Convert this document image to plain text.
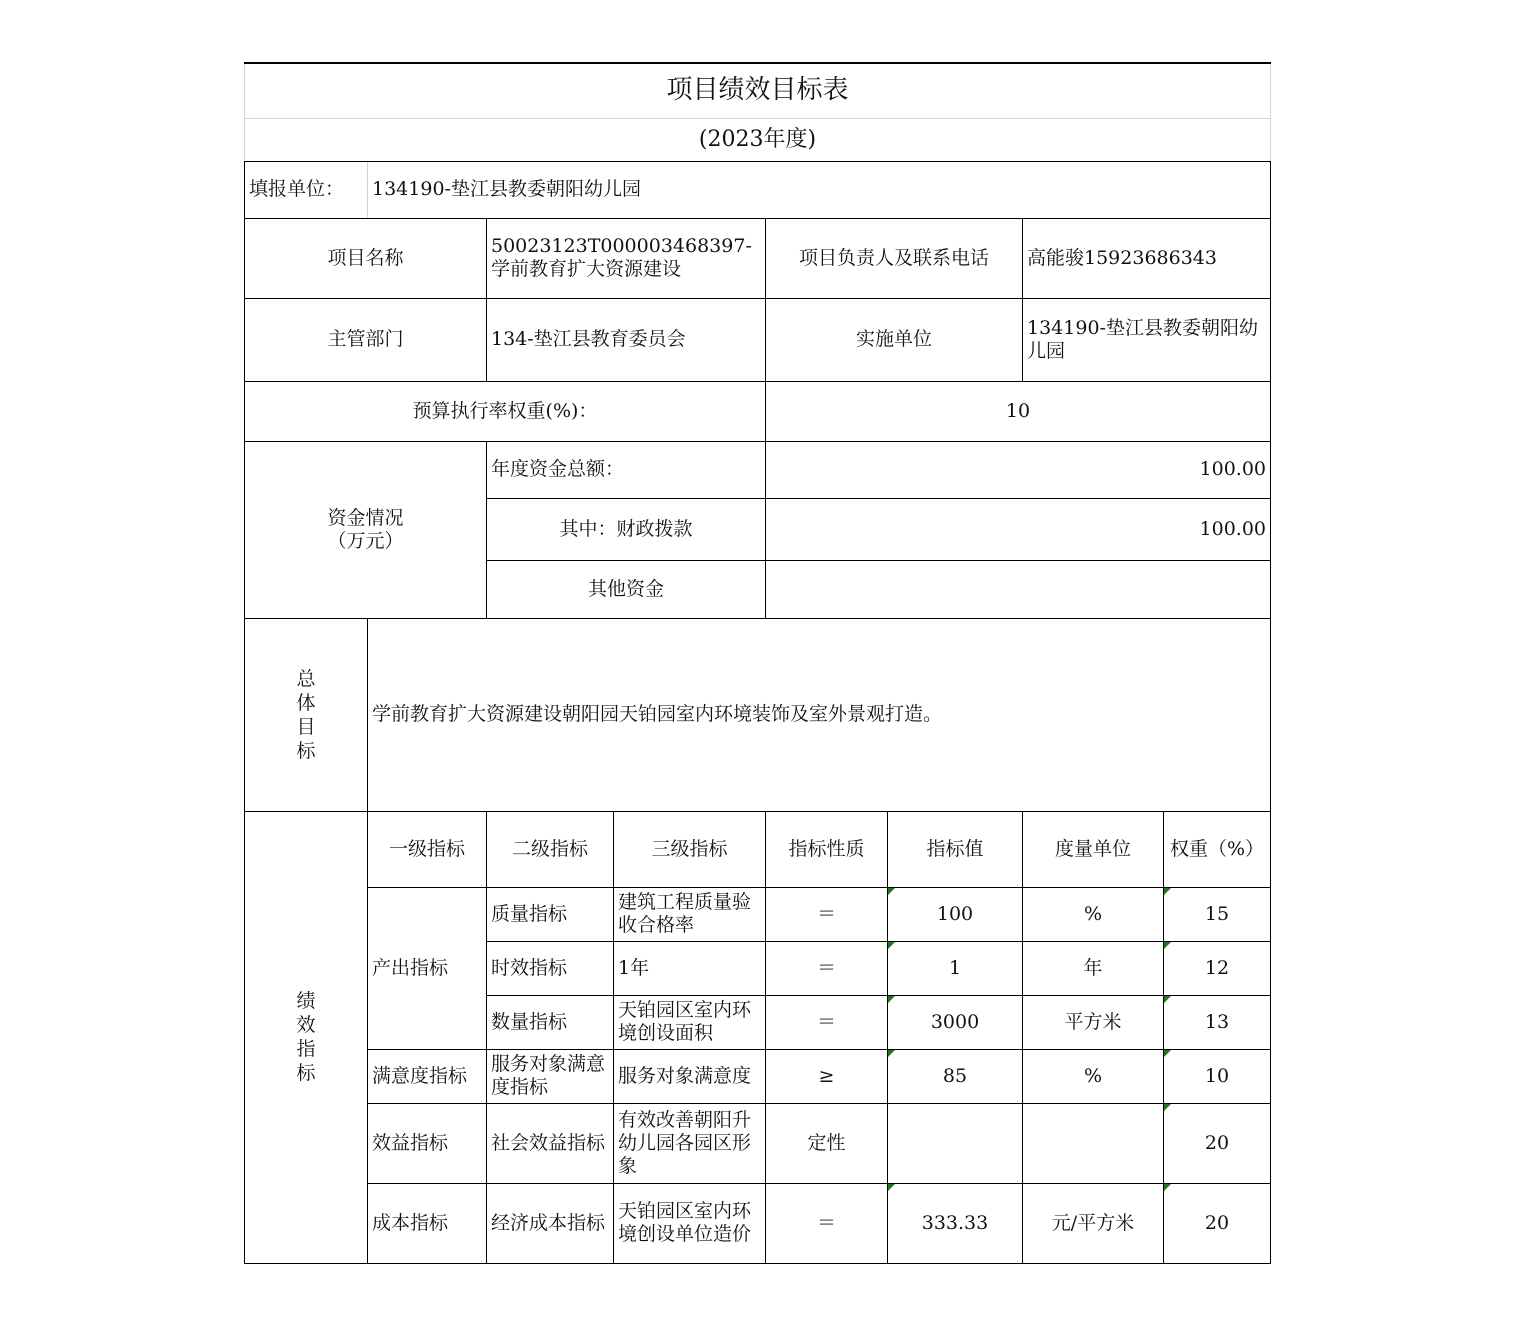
项目绩效目标表							
(2023年度)							
填报单位：	134190-垫江县教委朝阳幼儿园						
项目名称		50023123T000003468397-学前教育扩大资源建设		项目负责人及联系电话		高能骏15923686343	
主管部门		134-垫江县教育委员会		实施单位		134190-垫江县教委朝阳幼儿园	
预算执行率权重(%)：				10			

资金情况
（万元）		年度资金总额：		100.00			
		其中：财政拨款		100.00			
		其他资金					

总
体
目
标	学前教育扩大资源建设朝阳园天铂园室内环境装饰及室外景观打造。						

绩
效
指
标	一级指标	二级指标	三级指标	指标性质	指标值	度量单位	权重（%）
	产出指标	质量指标	建筑工程质量验收合格率	＝	100	%	15
		时效指标	1年	＝	1	年	12
		数量指标	天铂园区室内环境创设面积	＝	3000	平方米	13
	满意度指标	服务对象满意度指标	服务对象满意度	≥	85	%	10
	效益指标	社会效益指标	有效改善朝阳升幼儿园各园区形象	定性			20
	成本指标	经济成本指标	天铂园区室内环境创设单位造价	＝	333.33	元/平方米	20
